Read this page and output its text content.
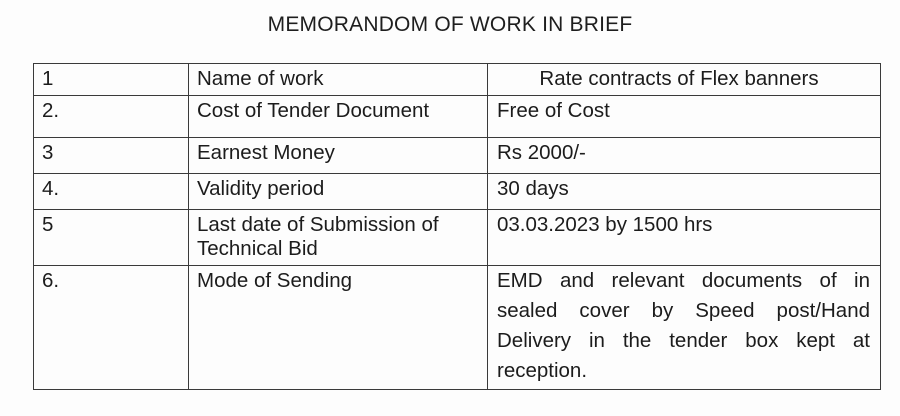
MEMORANDOM OF WORK IN BRIEF
1	Name of work	Rate contracts of Flex banners
2.	Cost of Tender Document	Free of Cost
3	Earnest Money	Rs 2000/-
4.	Validity period	30 days
5	Last date of Submission of Technical Bid	03.03.2023 by 1500 hrs
6.	Mode of Sending	EMD and relevant documents of in sealed cover by Speed post/Hand Delivery in the tender box kept at reception.
